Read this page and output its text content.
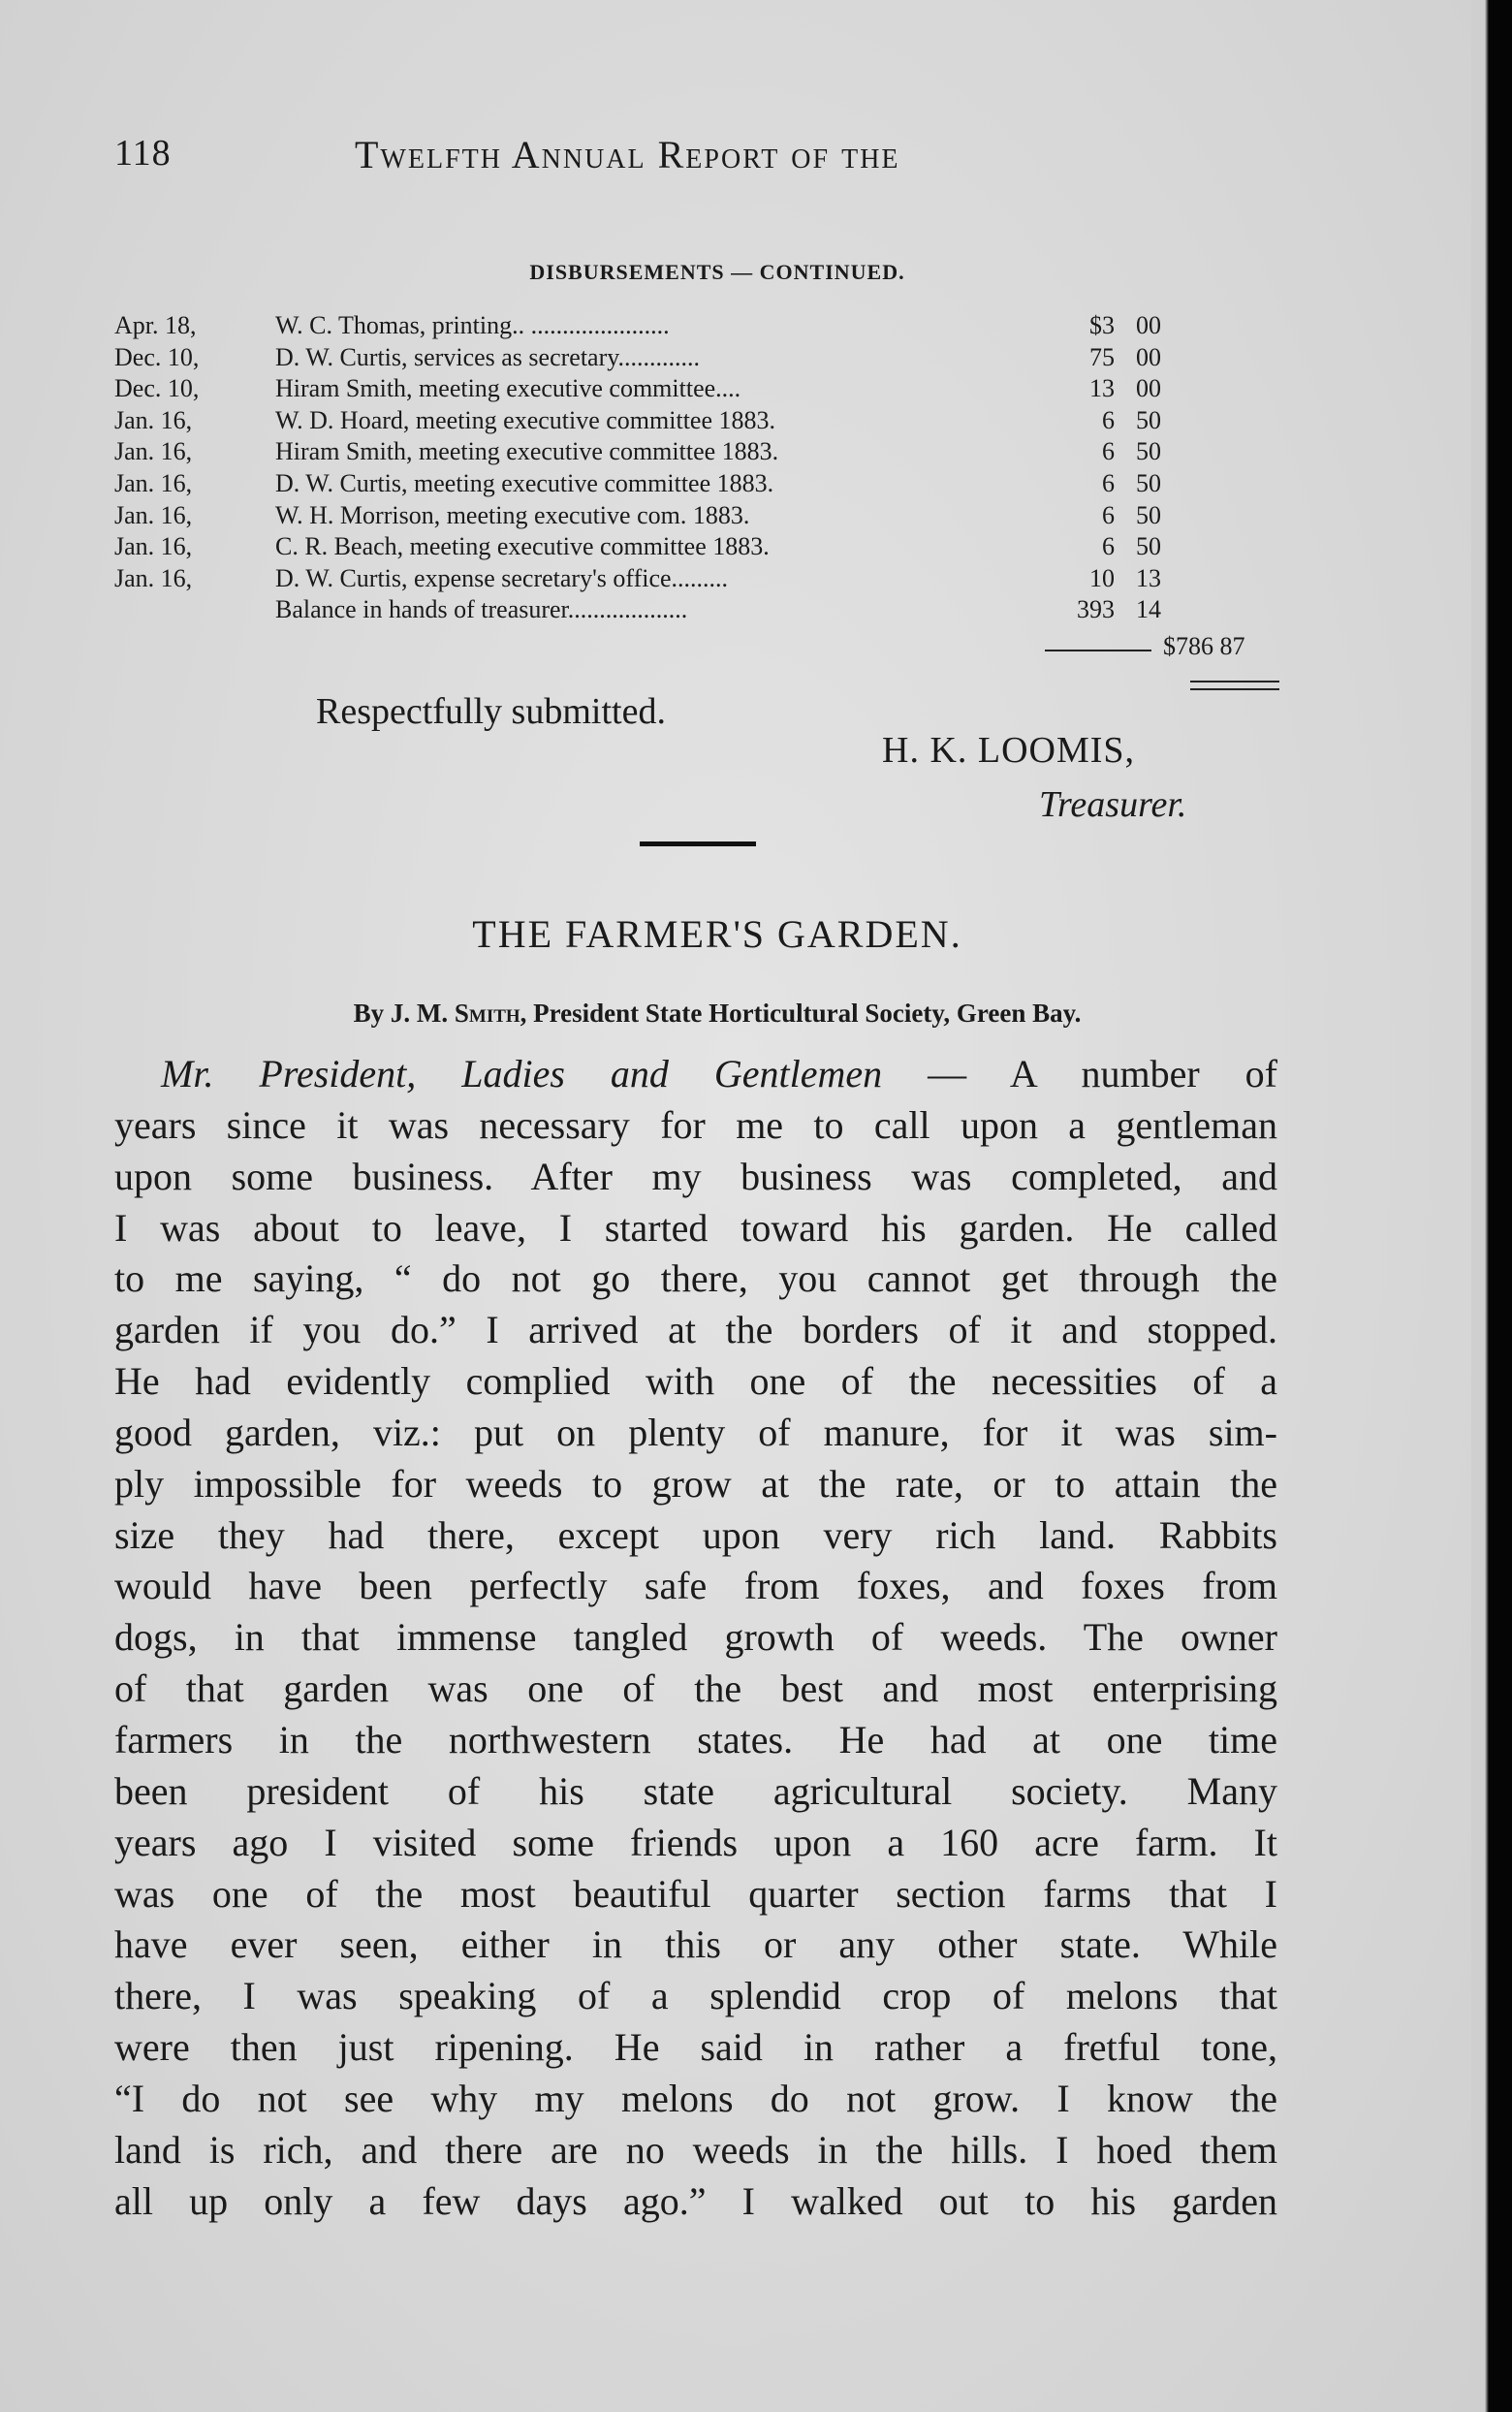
118	Twelfth Annual Report of the
DISBURSEMENTS — CONTINUED.
Apr. 18,	W. C. Thomas, printing.. ......................	$3 00
Dec. 10,	D. W. Curtis, services as secretary.............	75 00
Dec. 10,	Hiram Smith, meeting executive committee....	13 00
Jan. 16,	W. D. Hoard, meeting executive committee 1883.	6 50
Jan. 16,	Hiram Smith, meeting executive committee 1883.	6 50
Jan. 16,	D. W. Curtis, meeting executive committee 1883.	6 50
Jan. 16,	W. H. Morrison, meeting executive com. 1883.	6 50
Jan. 16,	C. R. Beach, meeting executive committee 1883.	6 50
Jan. 16,	D. W. Curtis, expense secretary's office.........	10 13
Balance in hands of treasurer...................	393 14
$786 87
Respectfully submitted.
H. K. LOOMIS,
Treasurer.
THE FARMER'S GARDEN.
By J. M. Smith, President State Horticultural Society, Green Bay.
Mr. President, Ladies and Gentlemen — A number of
years since it was necessary for me to call upon a gentleman
upon some business. After my business was completed, and
I was about to leave, I started toward his garden. He called
to me saying, “ do not go there, you cannot get through the
garden if you do.” I arrived at the borders of it and stopped.
He had evidently complied with one of the necessities of a
good garden, viz.: put on plenty of manure, for it was sim-
ply impossible for weeds to grow at the rate, or to attain the
size they had there, except upon very rich land. Rabbits
would have been perfectly safe from foxes, and foxes from
dogs, in that immense tangled growth of weeds. The owner
of that garden was one of the best and most enterprising
farmers in the northwestern states. He had at one time
been president of his state agricultural society. Many
years ago I visited some friends upon a 160 acre farm. It
was one of the most beautiful quarter section farms that I
have ever seen, either in this or any other state. While
there, I was speaking of a splendid crop of melons that
were then just ripening. He said in rather a fretful tone,
“I do not see why my melons do not grow. I know the
land is rich, and there are no weeds in the hills. I hoed them
all up only a few days ago.” I walked out to his garden
